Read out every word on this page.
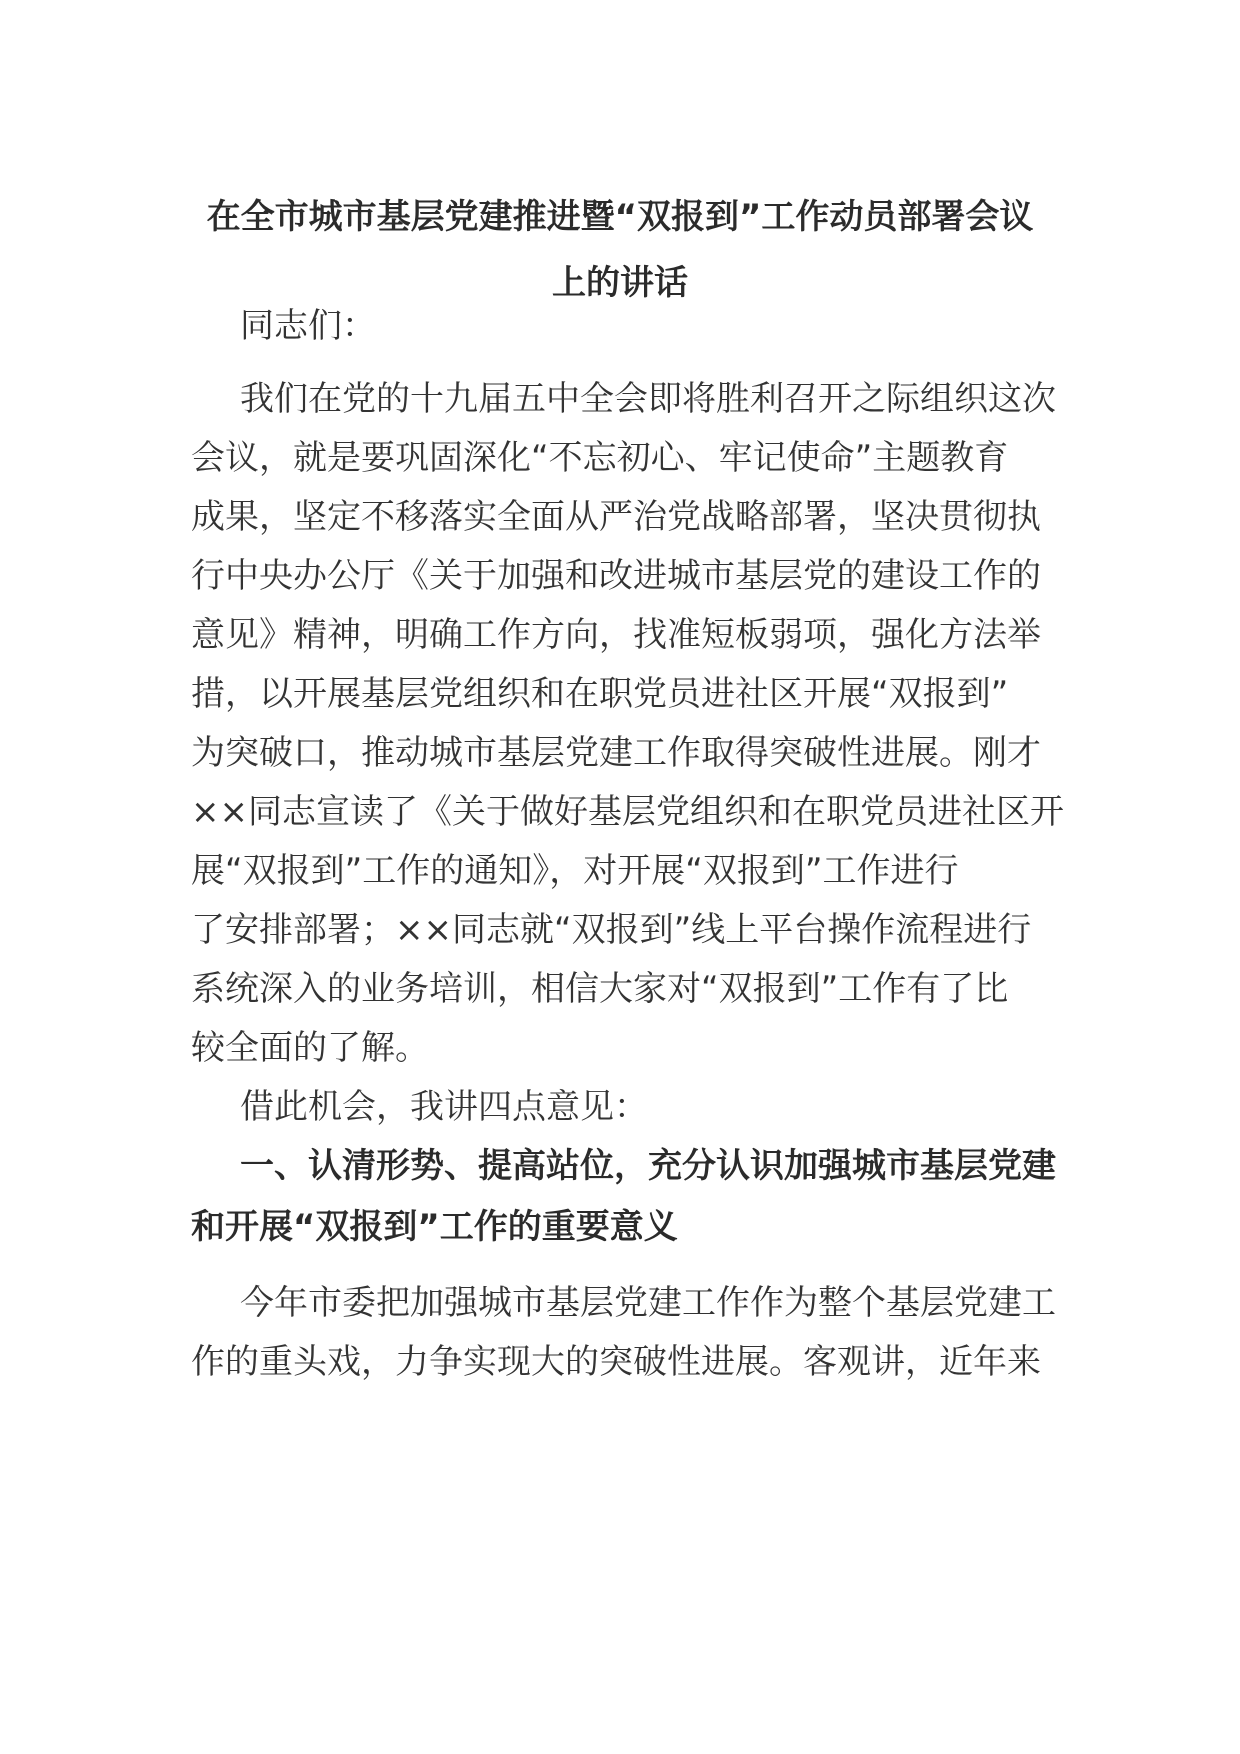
在全市城市基层党建推进暨“双报到”工作动员部署会议
上的讲话
同志们：
我们在党的十九届五中全会即将胜利召开之际组织这次
会议，就是要巩固深化“不忘初心、牢记使命”主题教育
成果，坚定不移落实全面从严治党战略部署，坚决贯彻执
行中央办公厅《关于加强和改进城市基层党的建设工作的
意见》精神，明确工作方向，找准短板弱项，强化方法举
措，以开展基层党组织和在职党员进社区开展“双报到”
为突破口，推动城市基层党建工作取得突破性进展。刚才
××同志宣读了《关于做好基层党组织和在职党员进社区开
展“双报到”工作的通知》，对开展“双报到”工作进行
了安排部署；××同志就“双报到”线上平台操作流程进行
系统深入的业务培训，相信大家对“双报到”工作有了比
较全面的了解。
借此机会，我讲四点意见：
一、认清形势、提高站位，充分认识加强城市基层党建
和开展“双报到”工作的重要意义
今年市委把加强城市基层党建工作作为整个基层党建工
作的重头戏，力争实现大的突破性进展。客观讲，近年来
